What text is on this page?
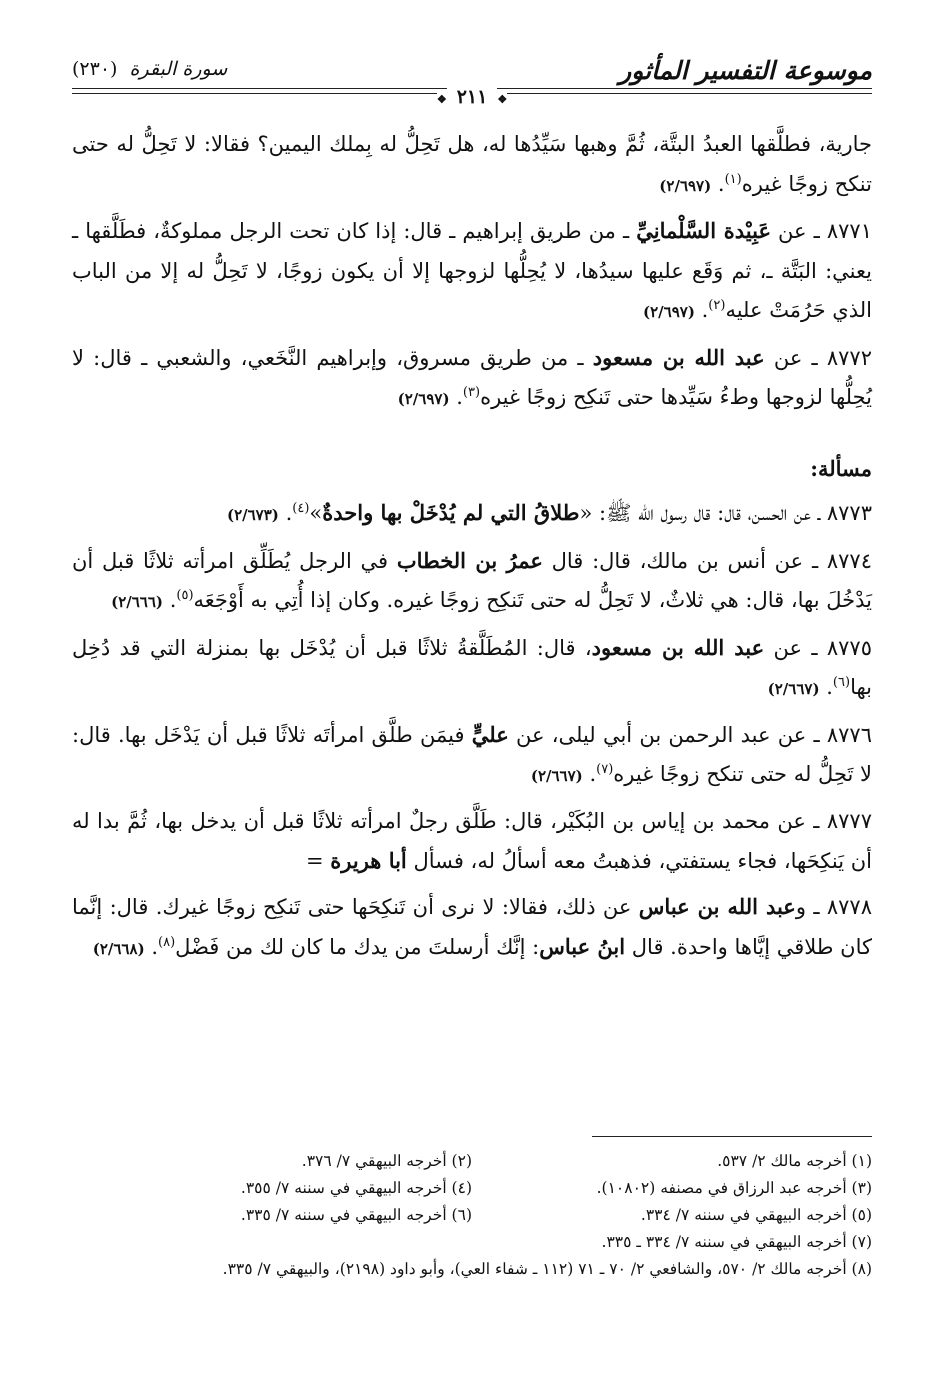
موسوعة التفسير المأثور
سورة البقرة (٢٣٠)
❖ ٢١١ ❖

جارية، فطلَّقها العبدُ البتَّة، ثُمَّ وهبها سَيِّدُها له، هل تَحِلُّ له بِملك اليمين؟ فقالا: لا تَحِلُّ له حتى تنكح زوجًا غيره$^{(١)}$. (٢/٦٩٧)

٨٧٧١ ـ عن عَبِيْدة السَّلْمانِيِّ ـ من طريق إبراهيم ـ قال: إذا كان تحت الرجل مملوكةٌ، فطَلَّقها ـ يعني: البَتَّة ـ، ثم وَقَع عليها سيدُها، لا يُحِلُّها لزوجها إلا أن يكون زوجًا، لا تَحِلُّ له إلا من الباب الذي حَرُمَتْ عليه$^{(٢)}$. (٢/٦٩٧)

٨٧٧٢ ـ عن عبد الله بن مسعود ـ من طريق مسروق، وإبراهيم النَّخَعي، والشعبي ـ قال: لا يُحِلُّها لزوجها وطءُ سَيِّدها حتى تَنكِح زوجًا غيره$^{(٣)}$. (٢/٦٩٧)

مسألة:

٨٧٧٣ ـ عن الحسن، قال: قال رسول الله ﷺ: «طلاقُ التي لم يُدْخَلْ بها واحدةٌ»$^{(٤)}$. (٢/٦٧٣)

٨٧٧٤ ـ عن أنس بن مالك، قال: قال عمرُ بن الخطاب في الرجل يُطَلِّق امرأته ثلاثًا قبل أن يَدْخُلَ بها، قال: هي ثلاثٌ، لا تَحِلُّ له حتى تَنكِح زوجًا غيره. وكان إذا أُتِي به أَوْجَعَه$^{(٥)}$. (٢/٦٦٦)

٨٧٧٥ ـ عن عبد الله بن مسعود، قال: المُطَلَّقةُ ثلاثًا قبل أن يُدْخَل بها بمنزلة التي قد دُخِل بها$^{(٦)}$. (٢/٦٦٧)

٨٧٧٦ ـ عن عبد الرحمن بن أبي ليلى، عن عليٍّ فيمَن طلَّق امرأتَه ثلاثًا قبل أن يَدْخَل بها. قال: لا تَحِلُّ له حتى تنكح زوجًا غيره$^{(٧)}$. (٢/٦٦٧)

٨٧٧٧ ـ عن محمد بن إياس بن البُكَيْر، قال: طَلَّق رجلٌ امرأته ثلاثًا قبل أن يدخل بها، ثُمَّ بدا له أن يَنكِحَها، فجاء يستفتي، فذهبتُ معه أسألُ له، فسأل أبا هريرة =

٨٧٧٨ ـ وعبد الله بن عباس عن ذلك، فقالا: لا نرى أن تَنكِحَها حتى تَنكِح زوجًا غيرك. قال: إنَّما كان طلاقي إيَّاها واحدة. قال ابنُ عباس: إنَّك أرسلتَ من يدك ما كان لك من فَضْل$^{(٨)}$. (٢/٦٦٨)

(١) أخرجه مالك ٢/ ٥٣٧.
(٢) أخرجه البيهقي ٧/ ٣٧٦.
(٣) أخرجه عبد الرزاق في مصنفه (١٠٨٠٢).
(٤) أخرجه البيهقي في سننه ٧/ ٣٥٥.
(٥) أخرجه البيهقي في سننه ٧/ ٣٣٤.
(٦) أخرجه البيهقي في سننه ٧/ ٣٣٥.
(٧) أخرجه البيهقي في سننه ٧/ ٣٣٤ ـ ٣٣٥.
(٨) أخرجه مالك ٢/ ٥٧٠، والشافعي ٢/ ٧٠ ـ ٧١ (١١٢ ـ شفاء العي)، وأبو داود (٢١٩٨)، والبيهقي ٧/ ٣٣٥.
